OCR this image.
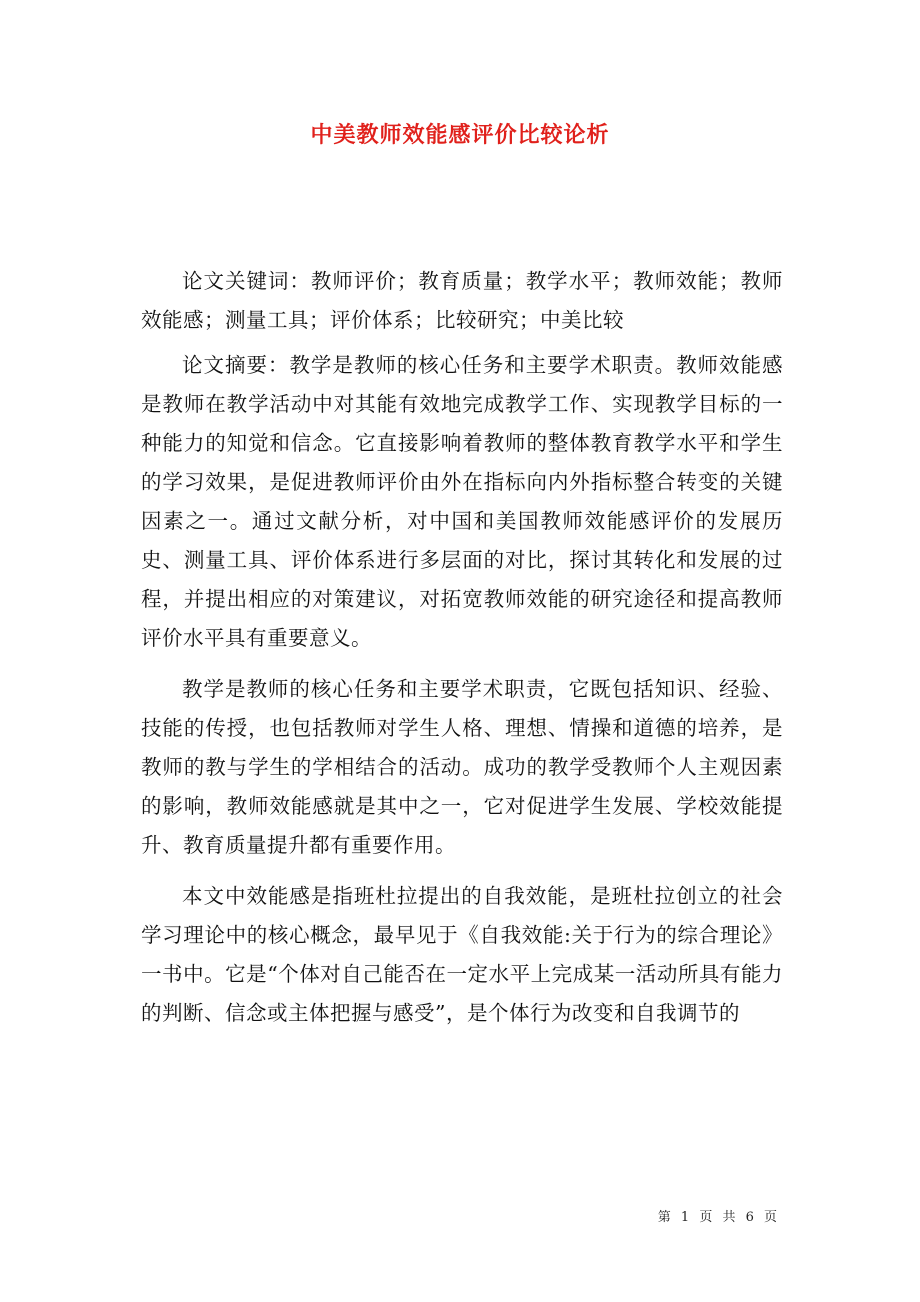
中美教师效能感评价比较论析

论文关键词：教师评价；教育质量；教学水平；教师效能；教师效能感；测量工具；评价体系；比较研究；中美比较

论文摘要：教学是教师的核心任务和主要学术职责。教师效能感是教师在教学活动中对其能有效地完成教学工作、实现教学目标的一种能力的知觉和信念。它直接影响着教师的整体教育教学水平和学生的学习效果，是促进教师评价由外在指标向内外指标整合转变的关键因素之一。通过文献分析，对中国和美国教师效能感评价的发展历史、测量工具、评价体系进行多层面的对比，探讨其转化和发展的过程，并提出相应的对策建议，对拓宽教师效能的研究途径和提高教师评价水平具有重要意义。

教学是教师的核心任务和主要学术职责，它既包括知识、经验、技能的传授，也包括教师对学生人格、理想、情操和道德的培养，是教师的教与学生的学相结合的活动。成功的教学受教师个人主观因素的影响，教师效能感就是其中之一，它对促进学生发展、学校效能提升、教育质量提升都有重要作用。

本文中效能感是指班杜拉提出的自我效能，是班杜拉创立的社会学习理论中的核心概念，最早见于《自我效能:关于行为的综合理论》一书中。它是“个体对自己能否在一定水平上完成某一活动所具有能力的判断、信念或主体把握与感受”，是个体行为改变和自我调节的

第 1 页 共 6 页
